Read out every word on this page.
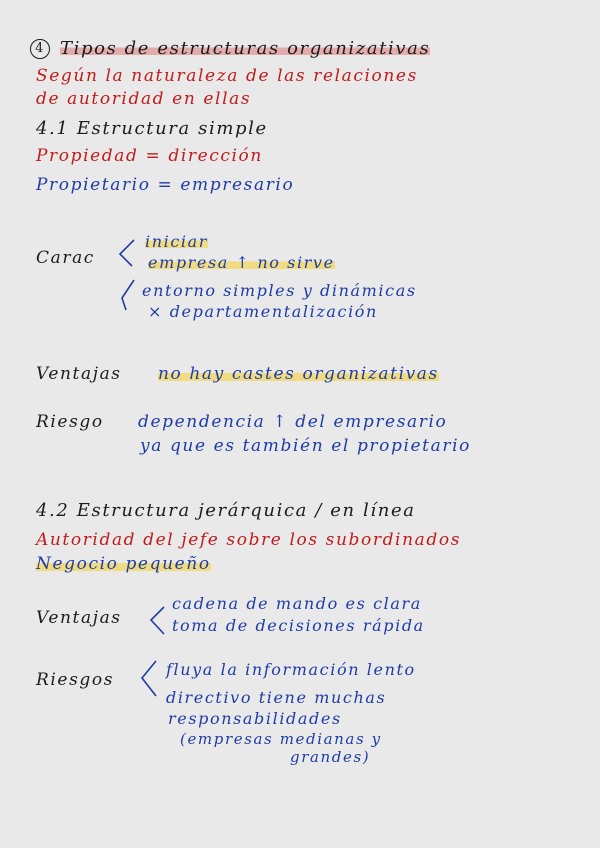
4 Tipos de estructuras organizativas
Según la naturaleza de las relaciones
de autoridad en ellas
4.1 Estructura simple
Propiedad = dirección
Propietario = empresario
Carac
iniciar
empresa ↑ no sirve
entorno simples y dinámicas
× departamentalización
Ventajas no hay castes organizativas
Riesgo dependencia ↑ del empresario
ya que es también el propietario
4.2 Estructura jerárquica / en línea
Autoridad del jefe sobre los subordinados
Negocio pequeño
Ventajas
cadena de mando es clara
toma de decisiones rápida
Riesgos
fluya la información lento
directivo tiene muchas
responsabilidades
(empresas medianas y
grandes)
